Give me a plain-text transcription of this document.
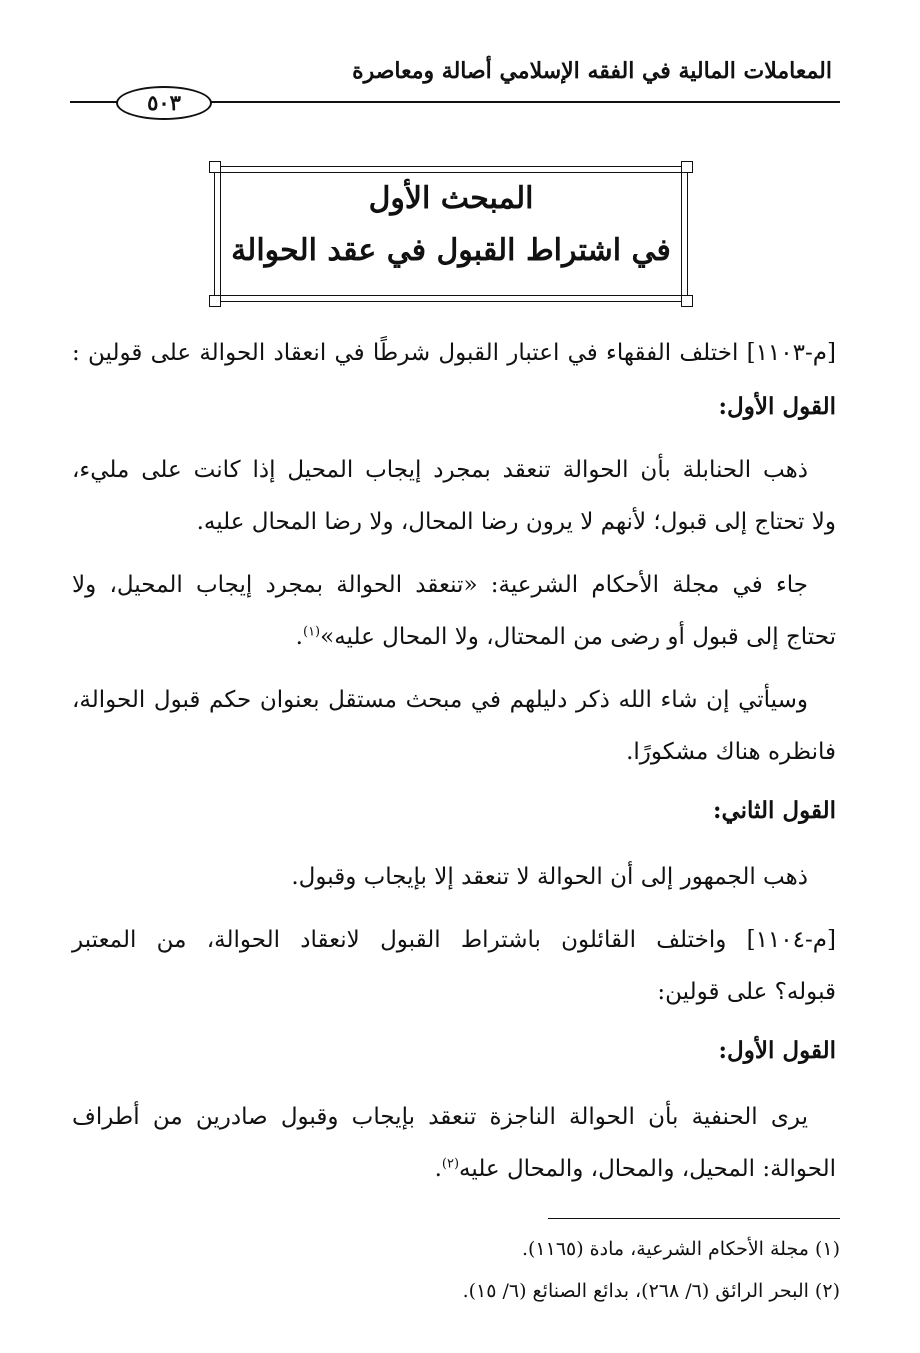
المعاملات المالية في الفقه الإسلامي أصالة ومعاصرة
٥٠٣
المبحث الأول
في اشتراط القبول في عقد الحوالة
[م-١١٠٣] اختلف الفقهاء في اعتبار القبول شرطًا في انعقاد الحوالة على قولين :
القول الأول:
ذهب الحنابلة بأن الحوالة تنعقد بمجرد إيجاب المحيل إذا كانت على مليء،
ولا تحتاج إلى قبول؛ لأنهم لا يرون رضا المحال، ولا رضا المحال عليه.
جاء في مجلة الأحكام الشرعية: «تنعقد الحوالة بمجرد إيجاب المحيل، ولا
تحتاج إلى قبول أو رضى من المحتال، ولا المحال عليه»$^{(١)}$.
وسيأتي إن شاء الله ذكر دليلهم في مبحث مستقل بعنوان حكم قبول الحوالة،
فانظره هناك مشكورًا.
القول الثاني:
ذهب الجمهور إلى أن الحوالة لا تنعقد إلا بإيجاب وقبول.
[م-١١٠٤] واختلف القائلون باشتراط القبول لانعقاد الحوالة، من المعتبر
قبوله؟ على قولين:
القول الأول:
يرى الحنفية بأن الحوالة الناجزة تنعقد بإيجاب وقبول صادرين من أطراف
الحوالة: المحيل، والمحال، والمحال عليه$^{(٢)}$.
(١) مجلة الأحكام الشرعية، مادة (١١٦٥).
(٢) البحر الرائق (٦/ ٢٦٨)، بدائع الصنائع (٦/ ١٥).
